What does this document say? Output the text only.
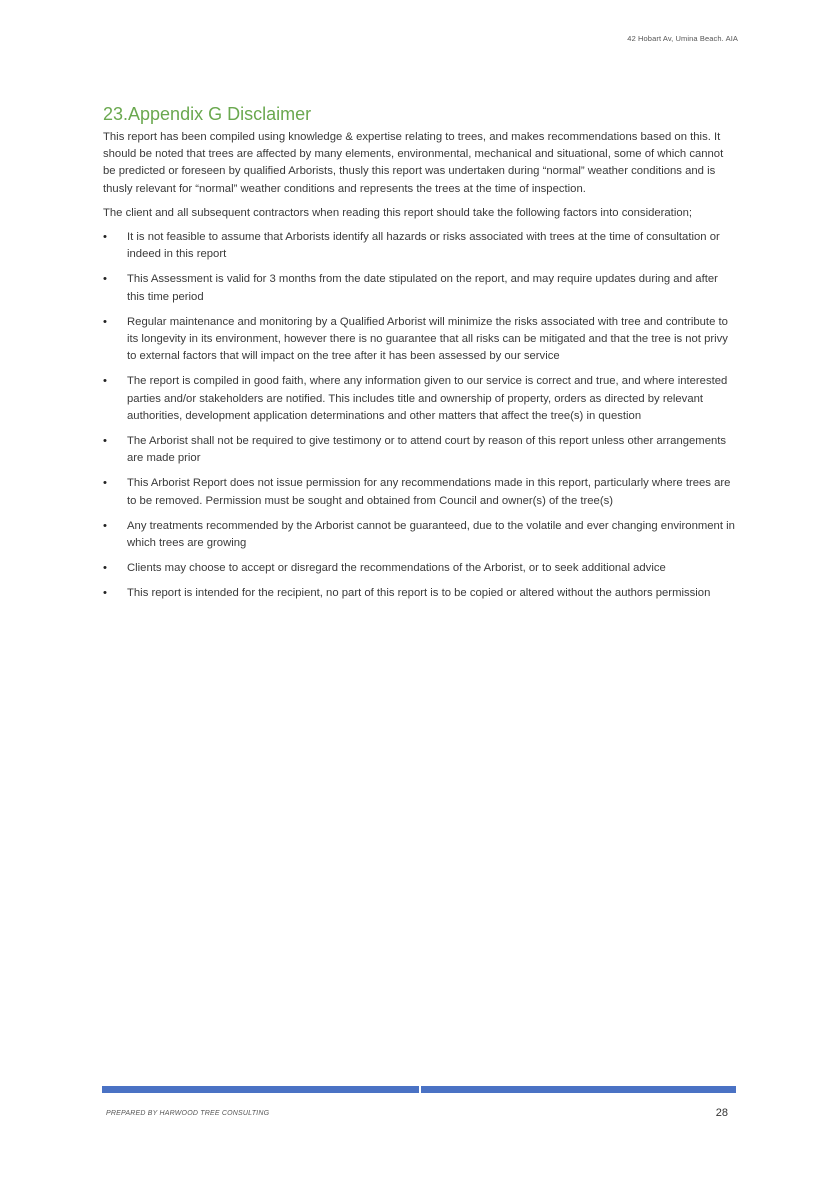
42 Hobart Av, Umina Beach. AIA
23.Appendix G Disclaimer

This report has been compiled using knowledge & expertise relating to trees, and makes recommendations based on this. It should be noted that trees are affected by many elements, environmental, mechanical and situational, some of which cannot be predicted or foreseen by qualified Arborists, thusly this report was undertaken during “normal” weather conditions and is thusly relevant for “normal” weather conditions and represents the trees at the time of inspection.

The client and all subsequent contractors when reading this report should take the following factors into consideration;

•	It is not feasible to assume that Arborists identify all hazards or risks associated with trees at the time of consultation or indeed in this report
•	This Assessment is valid for 3 months from the date stipulated on the report, and may require updates during and after this time period
•	Regular maintenance and monitoring by a Qualified Arborist will minimize the risks associated with tree and contribute to its longevity in its environment, however there is no guarantee that all risks can be mitigated and that the tree is not privy to external factors that will impact on the tree after it has been assessed by our service
•	The report is compiled in good faith, where any information given to our service is correct and true, and where interested parties and/or stakeholders are notified. This includes title and ownership of property, orders as directed by relevant authorities, development application determinations and other matters that affect the tree(s) in question
•	The Arborist shall not be required to give testimony or to attend court by reason of this report unless other arrangements are made prior
•	This Arborist Report does not issue permission for any recommendations made in this report, particularly where trees are to be removed. Permission must be sought and obtained from Council and owner(s) of the tree(s)
•	Any treatments recommended by the Arborist cannot be guaranteed, due to the volatile and ever changing environment in which trees are growing
•	Clients may choose to accept or disregard the recommendations of the Arborist, or to seek additional advice
•	This report is intended for the recipient, no part of this report is to be copied or altered without the authors permission
PREPARED BY HARWOOD TREE CONSULTING	28
